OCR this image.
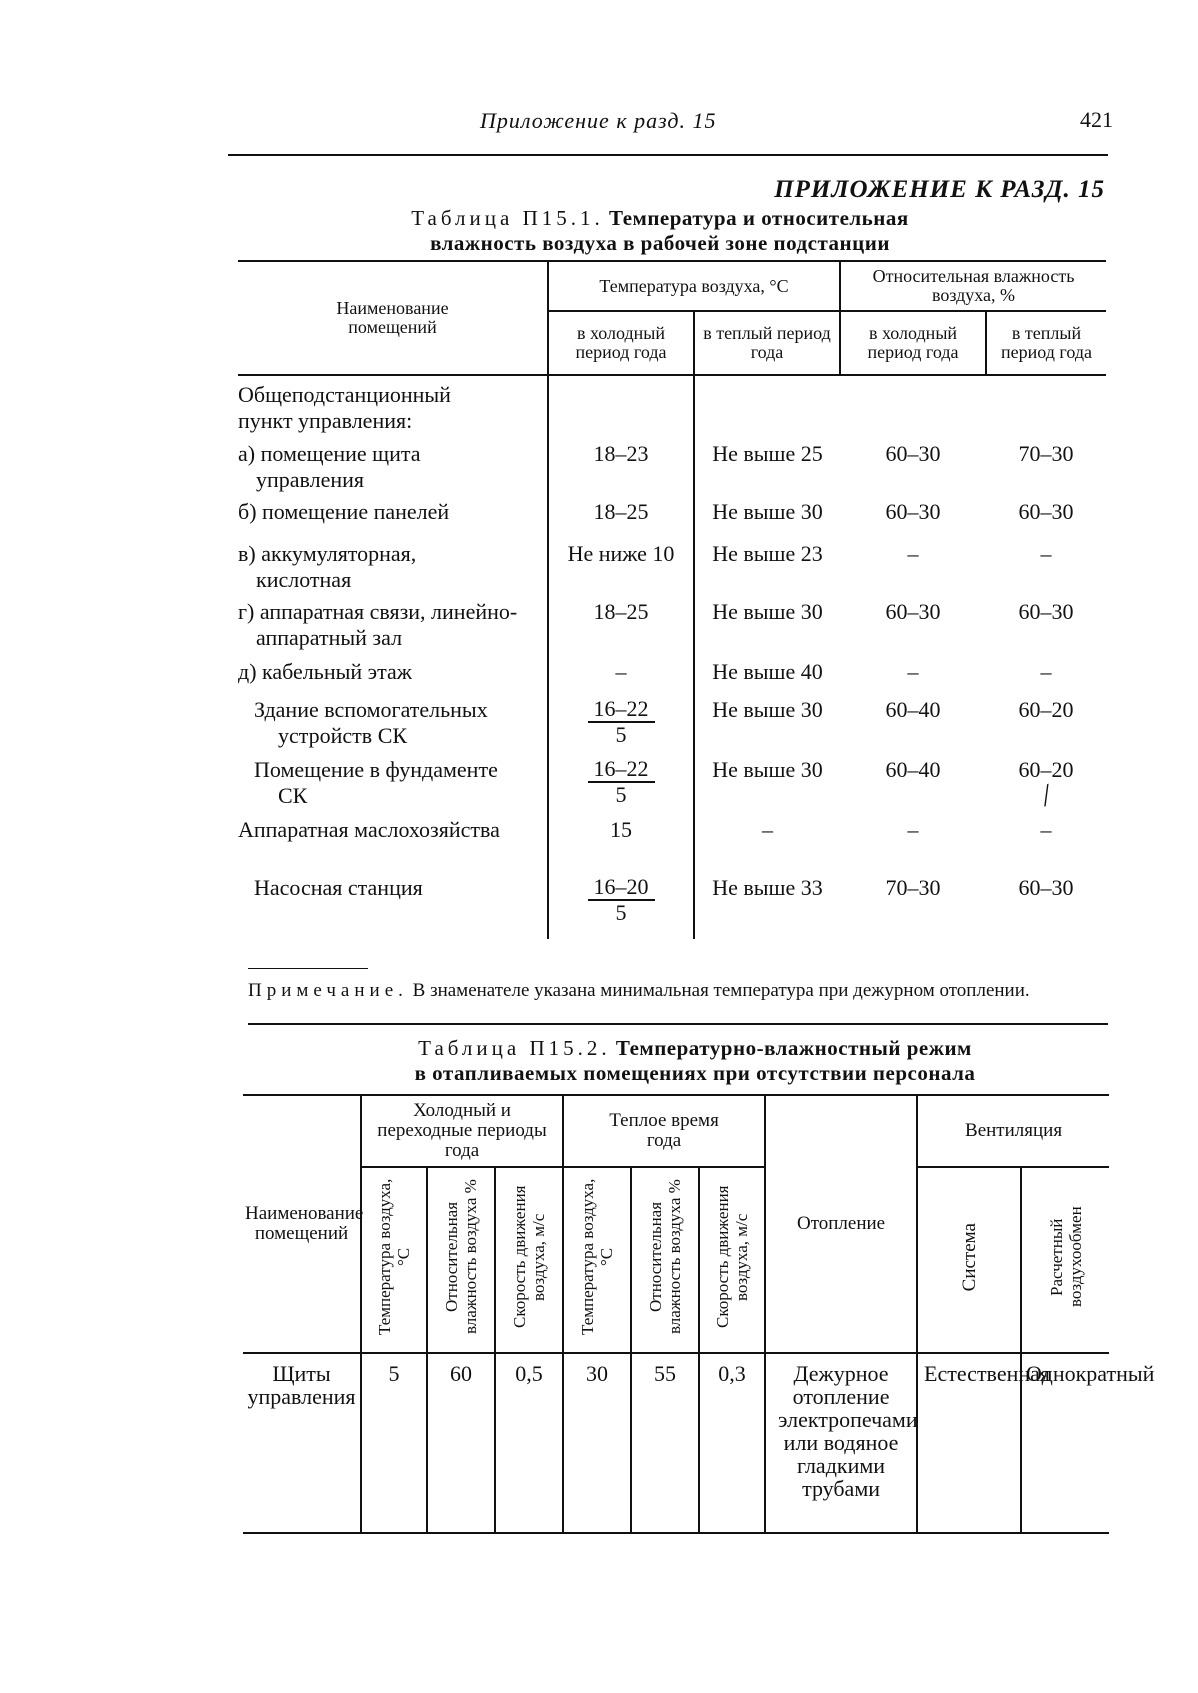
Приложение к разд. 15	421
ПРИЛОЖЕНИЕ К РАЗД. 15
Таблица П15.1. Температура и относительная
влажность воздуха в рабочей зоне подстанции
Наименование помещений	Температура воздуха, °С		Относительная влажность воздуха, %	
	в холодный период года	в теплый период года	в холодный период года	в теплый период года
Общеподстанционный пункт управления:				

а) помещение щита управления	18–23	Не выше 25	60–30	70–30

б) помещение панелей	18–25	Не выше 30	60–30	60–30

в) аккумуляторная, кислотная	Не ниже 10	Не выше 23	–	–

г) аппаратная связи, линейно-аппаратный зал	18–25	Не выше 30	60–30	60–30

д) кабельный этаж	–	Не выше 40	–	–

Здание вспомогательных устройств СК	$\frac{16-22}{5}$	Не выше 30	60–40	60–20

Помещение в фундаменте СК	$\frac{16-22}{5}$	Не выше 30	60–40	60–20
/

Аппаратная маслохозяйства	15	–	–	–

Насосная станция	$\frac{16-20}{5}$	Не выше 33	70–30	60–30
Примечание. В знаменателе указана минимальная температура при дежурном отоплении.
Таблица П15.2. Температурно-влажностный режим
в отапливаемых помещениях при отсутствии персонала
Наименование помещений	Холодный и переходные периоды года			Теплое время года			Отопление	Вентиляция	
	Температура воздуха, °С	Относительная влажность воздуха %	Скорость движения воздуха, м/с	Температура воздуха, °С	Относительная влажность воздуха %	Скорость движения воздуха, м/с		Система	Расчетный воздухообмен
Щиты управления	5	60	0,5	30	55	0,3	Дежурное отопление электропечами или водяное гладкими трубами	Естественная	Однократный
